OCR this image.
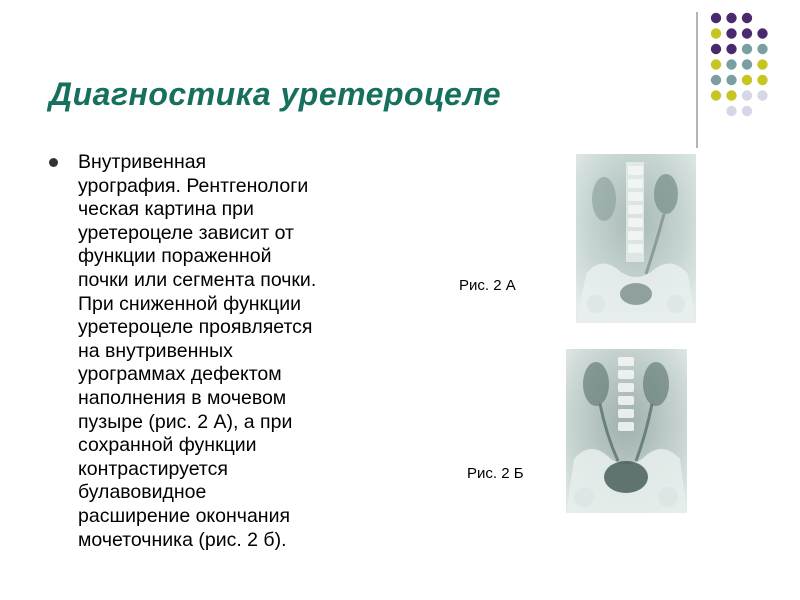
Диагностика уретероцеле

Внутривенная
урография. Рентгенологи
ческая картина при
уретероцеле зависит от
функции пораженной
почки или сегмента почки.
При сниженной функции
уретероцеле проявляется
на внутривенных
урограммах дефектом
наполнения в мочевом
пузыре (рис. 2 А), а при
сохранной функции
контрастируется
булавовидное
расширение окончания
мочеточника (рис. 2 б).

Рис. 2 А
Рис. 2 Б
